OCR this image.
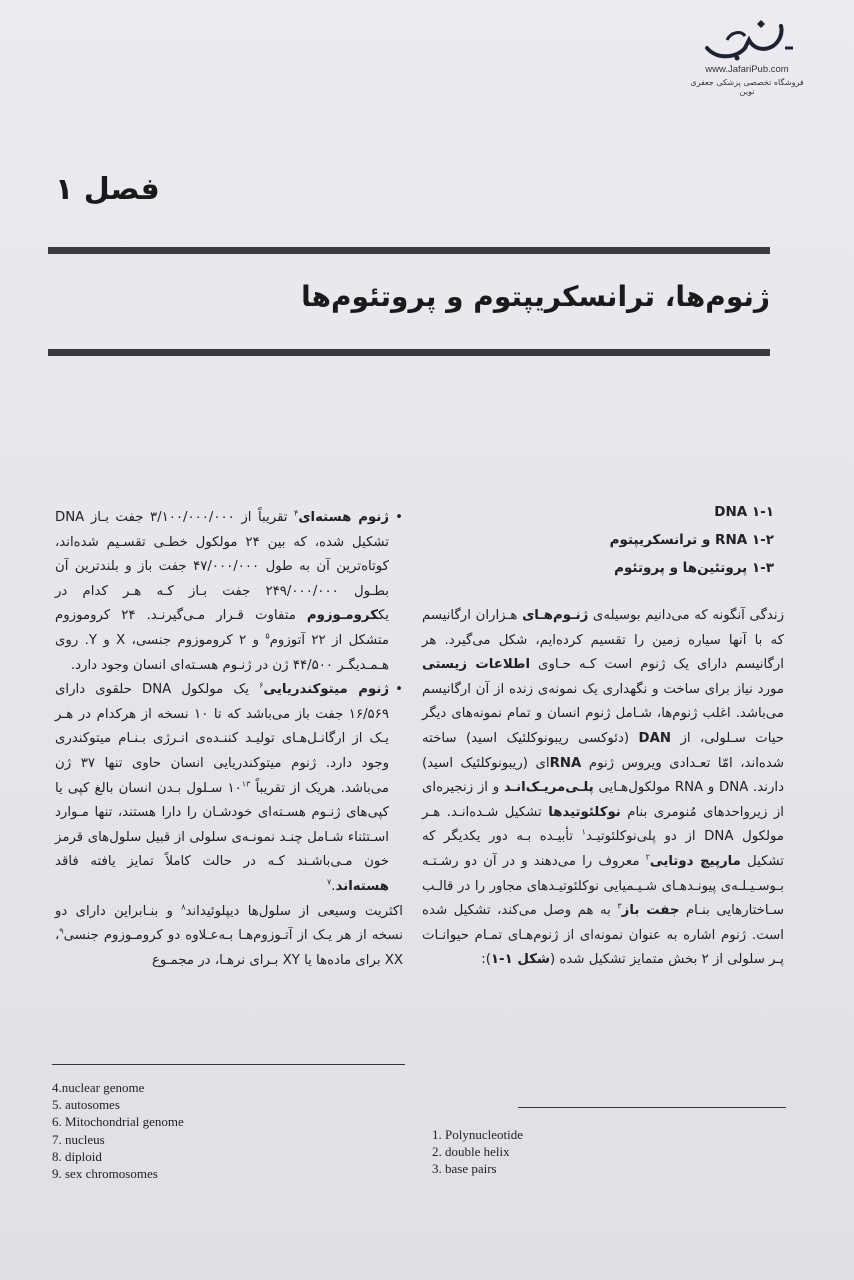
www.JafariPub.com
فروشگاه تخصصی پزشکی جعفری نوین
فصل ۱
ژنوم‌ها، ترانسکریپتوم و پروتئوم‌ها
۱-۱ DNA
۱-۲ RNA و ترانسکریپتوم
۱-۳ پروتئین‌ها و پروتئوم

زندگی آنگونه که می‌دانیم بوسیله‌ی ژنـوم‌هـای هـزاران ارگانیسم که با آنها سیاره زمین را تقسیم کرده‌ایم، شکل می‌گیرد. هر ارگانیسم دارای یک ژنوم است کـه حـاوی اطلاعات زیستی مورد نیاز برای ساخت و نگهداری یک نمونه‌ی زنده از آن ارگانیسم می‌باشد. اغلب ژنوم‌ها، شـامل ژنوم انسان و تمام نمونه‌های دیگر حیات سـلولی، از DAN (دئوکسی ریبونوکلئیک اسید) ساخته شده‌اند، امّا تعـدادی ویروس ژنوم RNAای (ریبونوکلئیک اسید) دارند. DNA و RNA مولکول‌هـایی پلـی‌مریـک‌انـد و از زنجیره‌ای از زیرواحدهای مُنومری بنام نوکلئوتیدها تشکیل شـده‌انـد. هـر مولکول DNA از دو پلی‌نوکلئوتیـد$^۱$ تأبیـده بـه دور یکدیگر که تشکیل مارپیچ دوتایی$^۲$ معروف را می‌دهند و در آن دو رشـتـه بـوسـیـلـه‌ی پیونـدهـای شـیـمیایی نوکلئوتیـدهای مجاور را در قالـب سـاختارهایی بنـام جفت باز$^۳$ به هم وصل می‌کند، تشکیل شده است. ژنوم اشاره به عنوان نمونه‌ای از ژنوم‌هـای تمـام حیوانـات پـر سلولی از ۲ بخش متمایز تشکیل شده (شکل ۱-۱):

• ژنوم هسته‌ای$^۴$ تقریباً از ۳/۱۰۰/۰۰۰/۰۰۰ جفت بـاز DNA تشکیل شده، که بین ۲۴ مولکول خطـی تقسـیم شده‌اند، کوتاه‌ترین آن به طول ۴۷/۰۰۰/۰۰۰ جفت باز و بلندترین آن بطـول ۲۴۹/۰۰۰/۰۰۰ جفت بـاز کـه هـر کدام در یککرومـوزوم متفاوت قـرار مـی‌گیرنـد. ۲۴ کروموزوم متشکل از ۲۲ آتوزوم$^۵$ و ۲ کروموزوم جنسی، X و Y. روی هـمـدیگـر ۴۴/۵۰۰ ژن در ژنـوم هسـته‌ای انسان وجود دارد.

• ژنوم میتوکندریایی$^۶$ یک مولکول DNA حلقوی دارای ۱۶/۵۶۹ جفت باز می‌باشد که تا ۱۰ نسخه از هرکدام در هـر یـک از ارگانـل‌هـای تولیـد کننـده‌ی انـرژی بـنـام میتوکندری وجود دارد. ژنوم میتوکندریایی انسان حاوی تنها ۳۷ ژن می‌باشد. هریک از تقریباً $۱۰^{۱۳}$ سـلول بـدن انسان بالغ کپی یا کپی‌های ژنـوم هسـته‌ای خودشـان را دارا هستند، تنها مـوارد اسـتثناء شـامل چنـد نمونـه‌ی سلولی از قبیل سلول‌های قرمز خون مـی‌باشـند کـه در حالت کاملاً تمایز یافته فاقد هسته‌اند.$^۷$

اکثریت وسیعی از سلول‌ها دیپلوئیداند$^۸$ و بنـابراین دارای دو نسخه از هر یـک از آتـوزوم‌هـا بـه‌عـلاوه دو کرومـوزوم جنسی$^۹$، XX برای ماده‌ها یا XY بـرای نرهـا، در مجمـوع

4.nuclear genome
5. autosomes
6. Mitochondrial genome
7. nucleus
8. diploid
9. sex chromosomes
1. Polynucleotide
2. double helix
3. base pairs
